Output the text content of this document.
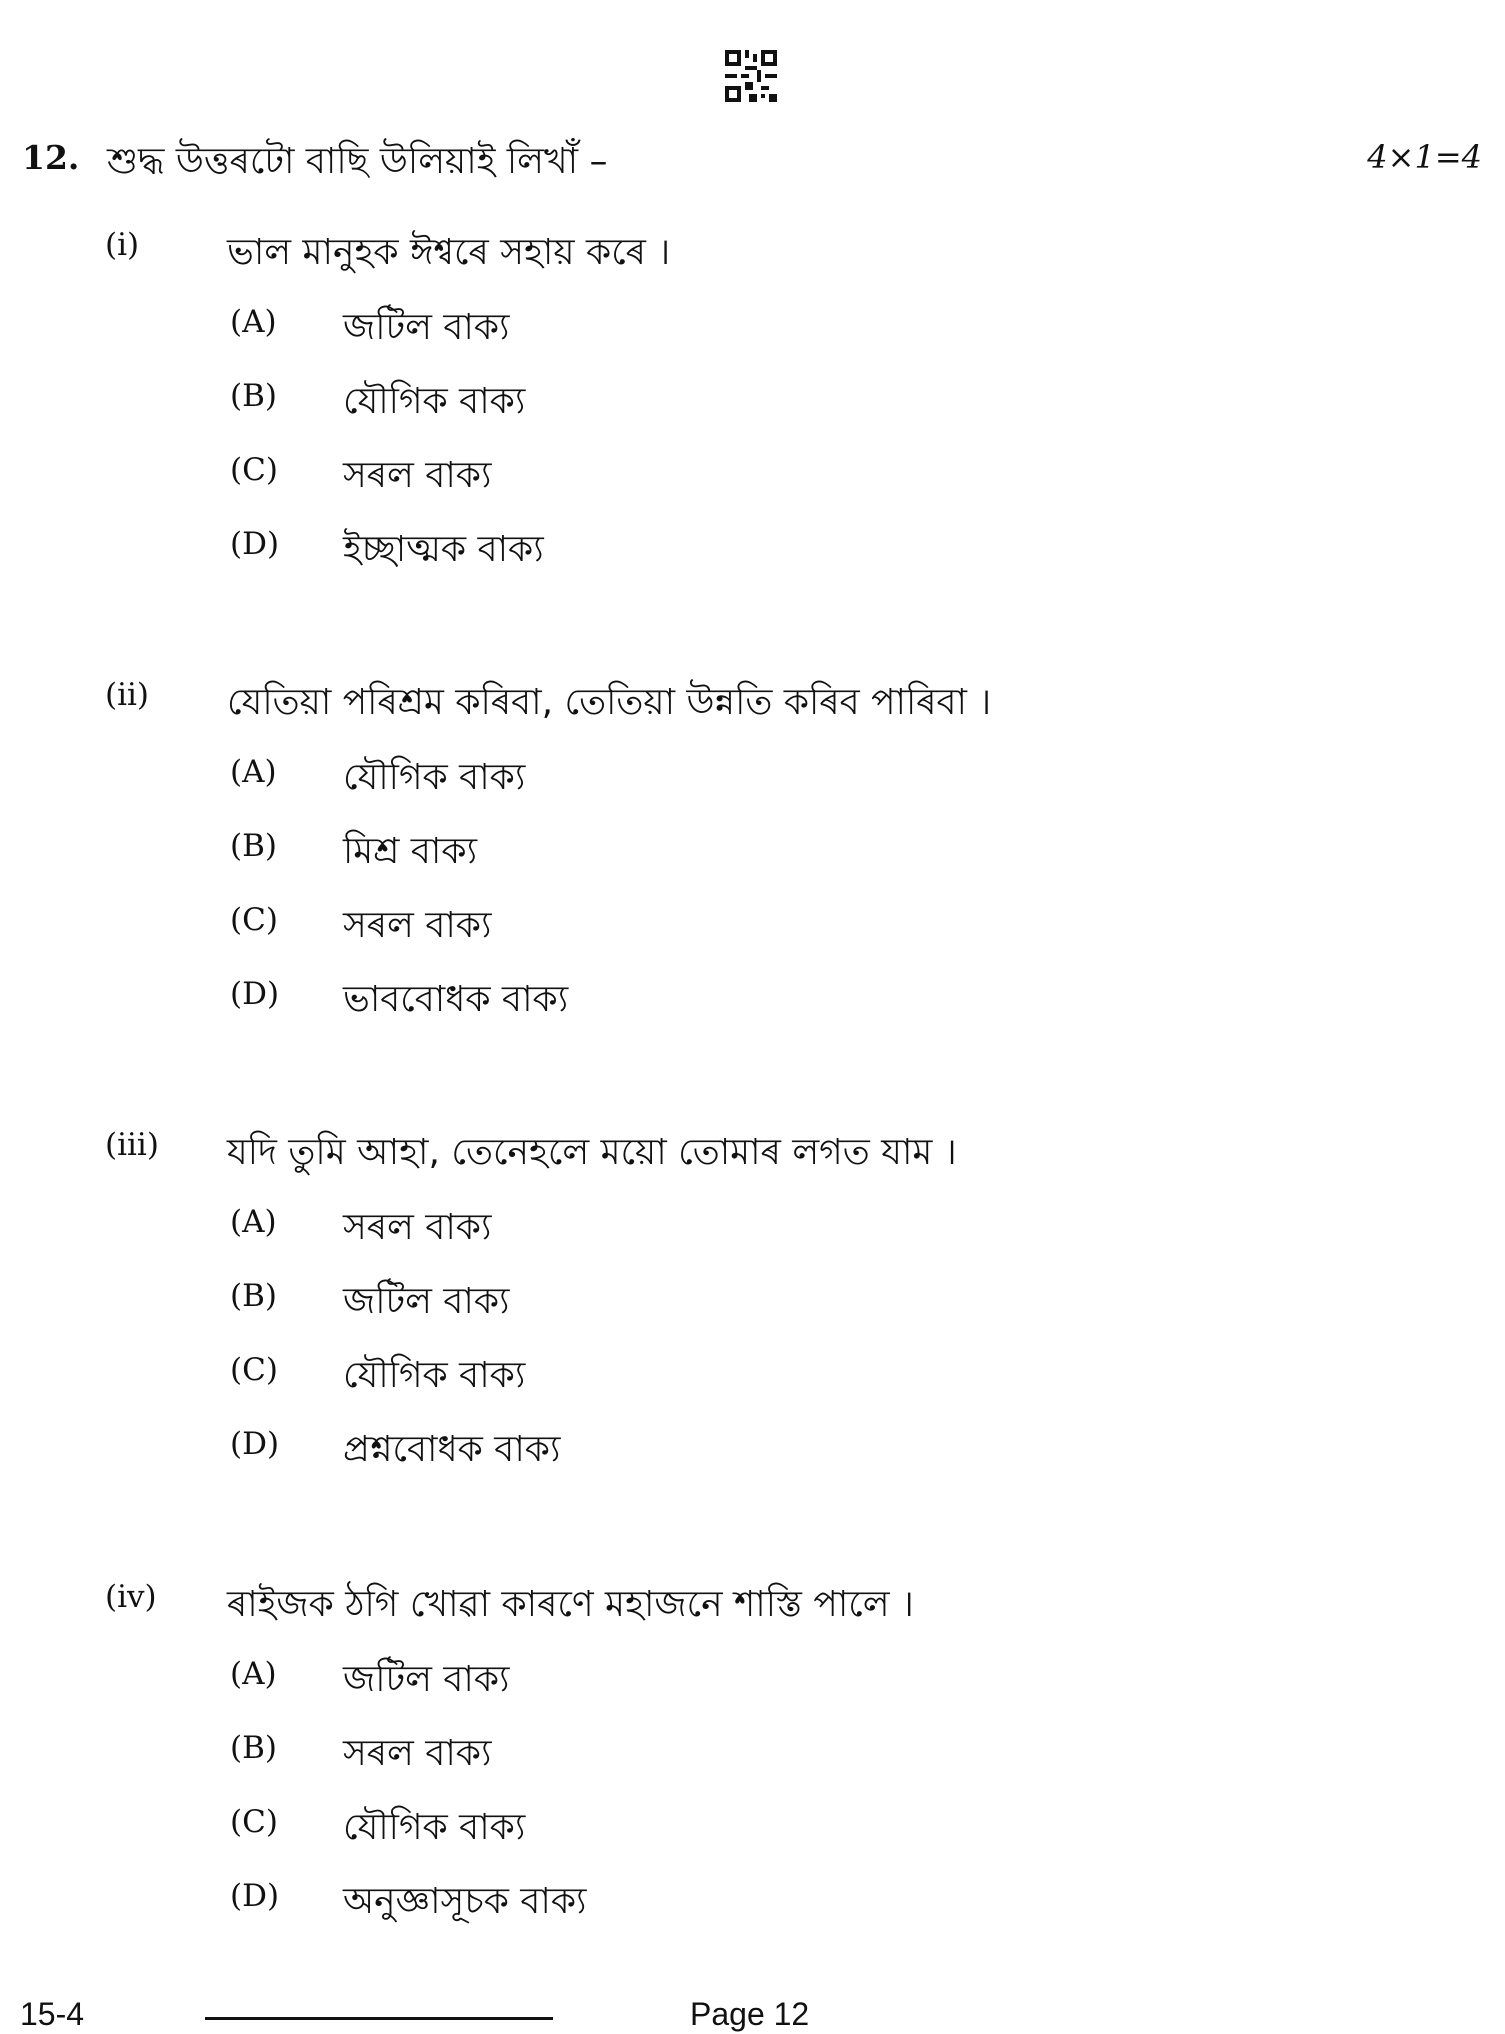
12. শুদ্ধ উত্তৰটো বাছি উলিয়াই লিখাঁ –	4×1=4
(i) ভাল মানুহক ঈশ্বৰে সহায় কৰে ।
(A) জটিল বাক্য
(B) যৌগিক বাক্য
(C) সৰল বাক্য
(D) ইচ্ছাত্মক বাক্য
(ii) যেতিয়া পৰিশ্ৰম কৰিবা, তেতিয়া উন্নতি কৰিব পাৰিবা ।
(A) যৌগিক বাক্য
(B) মিশ্ৰ বাক্য
(C) সৰল বাক্য
(D) ভাববোধক বাক্য
(iii) যদি তুমি আহা, তেনেহলে ময়ো তোমাৰ লগত যাম ।
(A) সৰল বাক্য
(B) জটিল বাক্য
(C) যৌগিক বাক্য
(D) প্ৰশ্নবোধক বাক্য
(iv) ৰাইজক ঠগি খোৱা কাৰণে মহাজনে শাস্তি পালে ।
(A) জটিল বাক্য
(B) সৰল বাক্য
(C) যৌগিক বাক্য
(D) অনুজ্ঞাসূচক বাক্য
15-4	Page 12
